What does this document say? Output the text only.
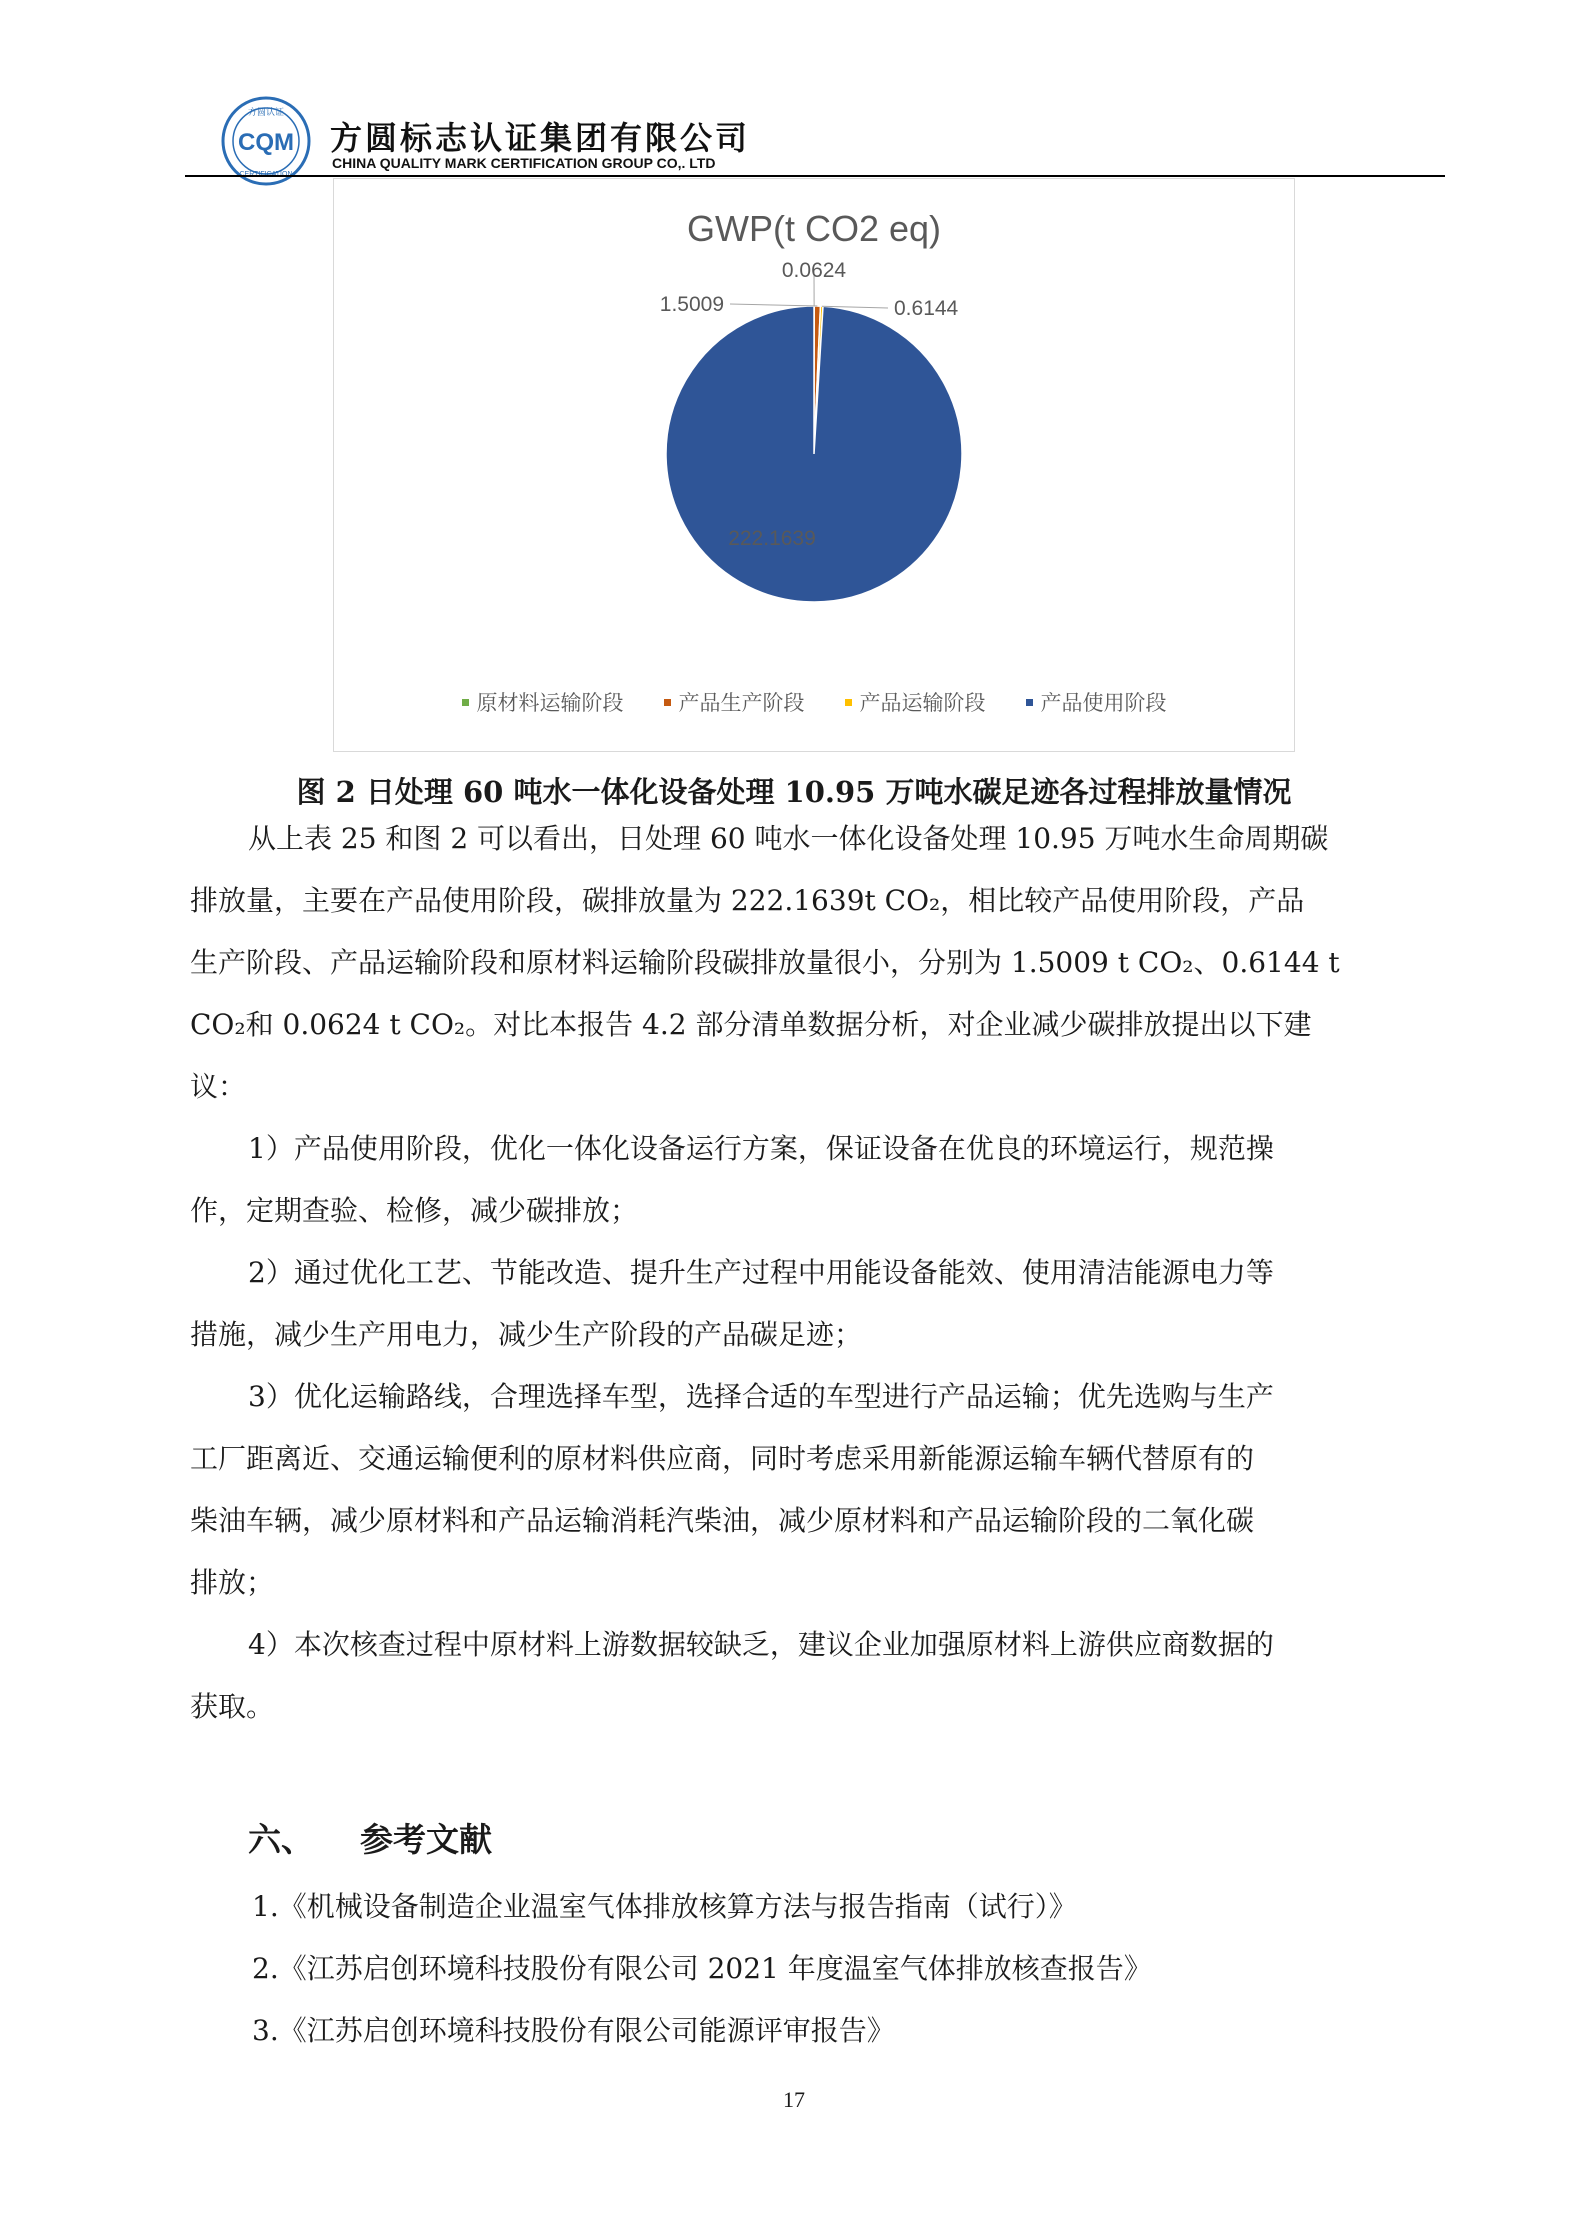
CQM
方圆认证
方圆标志认证集团有限公司
CHINA QUALITY MARK CERTIFICATION GROUP CO,. LTD
GWP(t CO2 eq)
0.0624
1.5009	0.6144
222.1639
原材料运输阶段	产品生产阶段	产品运输阶段	产品使用阶段
图 2 日处理 60 吨水一体化设备处理 10.95 万吨水碳足迹各过程排放量情况

从上表 25 和图 2 可以看出，日处理 60 吨水一体化设备处理 10.95 万吨水生命周期碳
排放量，主要在产品使用阶段，碳排放量为 222.1639t CO₂，相比较产品使用阶段，产品
生产阶段、产品运输阶段和原材料运输阶段碳排放量很小，分别为 1.5009 t CO₂、0.6144 t
CO₂和 0.0624 t CO₂。对比本报告 4.2 部分清单数据分析，对企业减少碳排放提出以下建
议：

1）产品使用阶段，优化一体化设备运行方案，保证设备在优良的环境运行，规范操
作，定期查验、检修，减少碳排放；

2）通过优化工艺、节能改造、提升生产过程中用能设备能效、使用清洁能源电力等
措施，减少生产用电力，减少生产阶段的产品碳足迹；

3）优化运输路线，合理选择车型，选择合适的车型进行产品运输；优先选购与生产
工厂距离近、交通运输便利的原材料供应商，同时考虑采用新能源运输车辆代替原有的
柴油车辆，减少原材料和产品运输消耗汽柴油，减少原材料和产品运输阶段的二氧化碳
排放；

4）本次核查过程中原材料上游数据较缺乏，建议企业加强原材料上游供应商数据的
获取。

六、 参考文献
1.《机械设备制造企业温室气体排放核算方法与报告指南（试行）》
2.《江苏启创环境科技股份有限公司 2021 年度温室气体排放核查报告》
3.《江苏启创环境科技股份有限公司能源评审报告》
17
